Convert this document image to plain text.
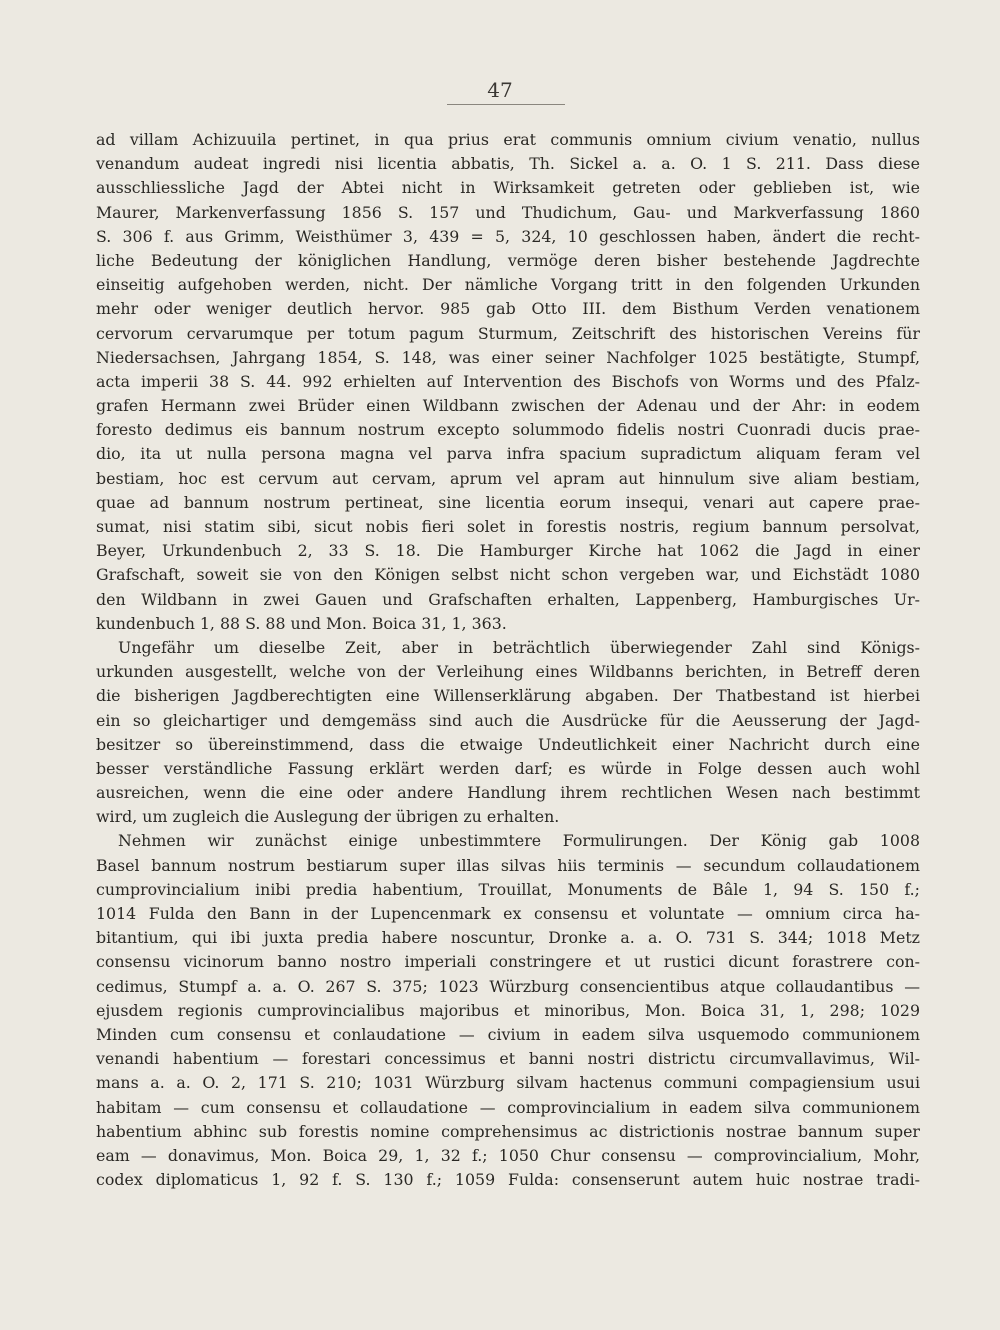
47
ad villam Achizuuila pertinet, in qua prius erat communis omnium civium venatio, nullus
venandum audeat ingredi nisi licentia abbatis, Th. Sickel a. a. O. 1 S. 211. Dass diese
ausschliessliche Jagd der Abtei nicht in Wirksamkeit getreten oder geblieben ist, wie
Maurer, Markenverfassung 1856 S. 157 und Thudichum, Gau- und Markverfassung 1860
S. 306 f. aus Grimm, Weisthümer 3, 439 = 5, 324, 10 geschlossen haben, ändert die recht-
liche Bedeutung der königlichen Handlung, vermöge deren bisher bestehende Jagdrechte
einseitig aufgehoben werden, nicht. Der nämliche Vorgang tritt in den folgenden Urkunden
mehr oder weniger deutlich hervor. 985 gab Otto III. dem Bisthum Verden venationem
cervorum cervarumque per totum pagum Sturmum, Zeitschrift des historischen Vereins für
Niedersachsen, Jahrgang 1854, S. 148, was einer seiner Nachfolger 1025 bestätigte, Stumpf,
acta imperii 38 S. 44. 992 erhielten auf Intervention des Bischofs von Worms und des Pfalz-
grafen Hermann zwei Brüder einen Wildbann zwischen der Adenau und der Ahr: in eodem
foresto dedimus eis bannum nostrum excepto solummodo fidelis nostri Cuonradi ducis prae-
dio, ita ut nulla persona magna vel parva infra spacium supradictum aliquam feram vel
bestiam, hoc est cervum aut cervam, aprum vel apram aut hinnulum sive aliam bestiam,
quae ad bannum nostrum pertineat, sine licentia eorum insequi, venari aut capere prae-
sumat, nisi statim sibi, sicut nobis fieri solet in forestis nostris, regium bannum persolvat,
Beyer, Urkundenbuch 2, 33 S. 18. Die Hamburger Kirche hat 1062 die Jagd in einer
Grafschaft, soweit sie von den Königen selbst nicht schon vergeben war, und Eichstädt 1080
den Wildbann in zwei Gauen und Grafschaften erhalten, Lappenberg, Hamburgisches Ur-
kundenbuch 1, 88 S. 88 und Mon. Boica 31, 1, 363.
Ungefähr um dieselbe Zeit, aber in beträchtlich überwiegender Zahl sind Königs-
urkunden ausgestellt, welche von der Verleihung eines Wildbanns berichten, in Betreff deren
die bisherigen Jagdberechtigten eine Willenserklärung abgaben. Der Thatbestand ist hierbei
ein so gleichartiger und demgemäss sind auch die Ausdrücke für die Aeusserung der Jagd-
besitzer so übereinstimmend, dass die etwaige Undeutlichkeit einer Nachricht durch eine
besser verständliche Fassung erklärt werden darf; es würde in Folge dessen auch wohl
ausreichen, wenn die eine oder andere Handlung ihrem rechtlichen Wesen nach bestimmt
wird, um zugleich die Auslegung der übrigen zu erhalten.
Nehmen wir zunächst einige unbestimmtere Formulirungen. Der König gab 1008
Basel bannum nostrum bestiarum super illas silvas hiis terminis — secundum collaudationem
cumprovincialium inibi predia habentium, Trouillat, Monuments de Bâle 1, 94 S. 150 f.;
1014 Fulda den Bann in der Lupencenmark ex consensu et voluntate — omnium circa ha-
bitantium, qui ibi juxta predia habere noscuntur, Dronke a. a. O. 731 S. 344; 1018 Metz
consensu vicinorum banno nostro imperiali constringere et ut rustici dicunt forastrere con-
cedimus, Stumpf a. a. O. 267 S. 375; 1023 Würzburg consencientibus atque collaudantibus —
ejusdem regionis cumprovincialibus majoribus et minoribus, Mon. Boica 31, 1, 298; 1029
Minden cum consensu et conlaudatione — civium in eadem silva usquemodo communionem
venandi habentium — forestari concessimus et banni nostri districtu circumvallavimus, Wil-
mans a. a. O. 2, 171 S. 210; 1031 Würzburg silvam hactenus communi compagiensium usui
habitam — cum consensu et collaudatione — comprovincialium in eadem silva communionem
habentium abhinc sub forestis nomine comprehensimus ac districtionis nostrae bannum super
eam — donavimus, Mon. Boica 29, 1, 32 f.; 1050 Chur consensu — comprovincialium, Mohr,
codex diplomaticus 1, 92 f. S. 130 f.; 1059 Fulda: consenserunt autem huic nostrae tradi-
